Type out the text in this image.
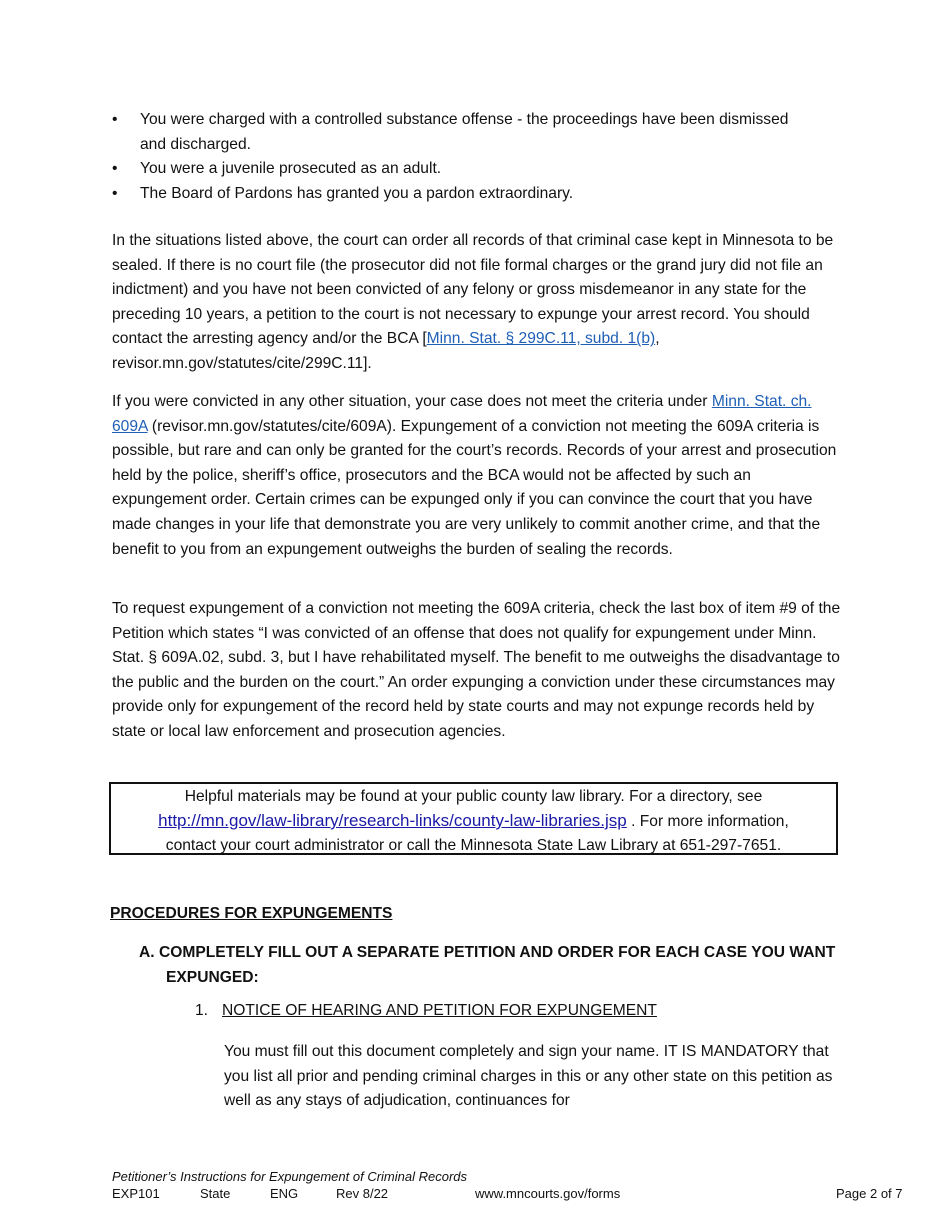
•	You were charged with a controlled substance offense - the proceedings have been dismissed and discharged.
•	You were a juvenile prosecuted as an adult.
•	The Board of Pardons has granted you a pardon extraordinary.
In the situations listed above, the court can order all records of that criminal case kept in Minnesota to be sealed. If there is no court file (the prosecutor did not file formal charges or the grand jury did not file an indictment) and you have not been convicted of any felony or gross misdemeanor in any state for the preceding 10 years, a petition to the court is not necessary to expunge your arrest record. You should contact the arresting agency and/or the BCA [Minn. Stat. § 299C.11, subd. 1(b), revisor.mn.gov/statutes/cite/299C.11].
If you were convicted in any other situation, your case does not meet the criteria under Minn. Stat. ch. 609A (revisor.mn.gov/statutes/cite/609A). Expungement of a conviction not meeting the 609A criteria is possible, but rare and can only be granted for the court’s records. Records of your arrest and prosecution held by the police, sheriff’s office, prosecutors and the BCA would not be affected by such an expungement order. Certain crimes can be expunged only if you can convince the court that you have made changes in your life that demonstrate you are very unlikely to commit another crime, and that the benefit to you from an expungement outweighs the burden of sealing the records.
To request expungement of a conviction not meeting the 609A criteria, check the last box of item #9 of the Petition which states “I was convicted of an offense that does not qualify for expungement under Minn. Stat. § 609A.02, subd. 3, but I have rehabilitated myself. The benefit to me outweighs the disadvantage to the public and the burden on the court.” An order expunging a conviction under these circumstances may provide only for expungement of the record held by state courts and may not expunge records held by state or local law enforcement and prosecution agencies.
Helpful materials may be found at your public county law library. For a directory, see
http://mn.gov/law-library/research-links/county-law-libraries.jsp . For more information,
contact your court administrator or call the Minnesota State Law Library at 651-297-7651.
PROCEDURES FOR EXPUNGEMENTS
A. COMPLETELY FILL OUT A SEPARATE PETITION AND ORDER FOR EACH CASE YOU WANT
EXPUNGED:
1. NOTICE OF HEARING AND PETITION FOR EXPUNGEMENT
You must fill out this document completely and sign your name. IT IS MANDATORY that you list all prior and pending criminal charges in this or any other state on this petition as well as any stays of adjudication, continuances for
Petitioner’s Instructions for Expungement of Criminal Records
EXP101	State	ENG	Rev 8/22	www.mncourts.gov/forms	Page 2 of 7
